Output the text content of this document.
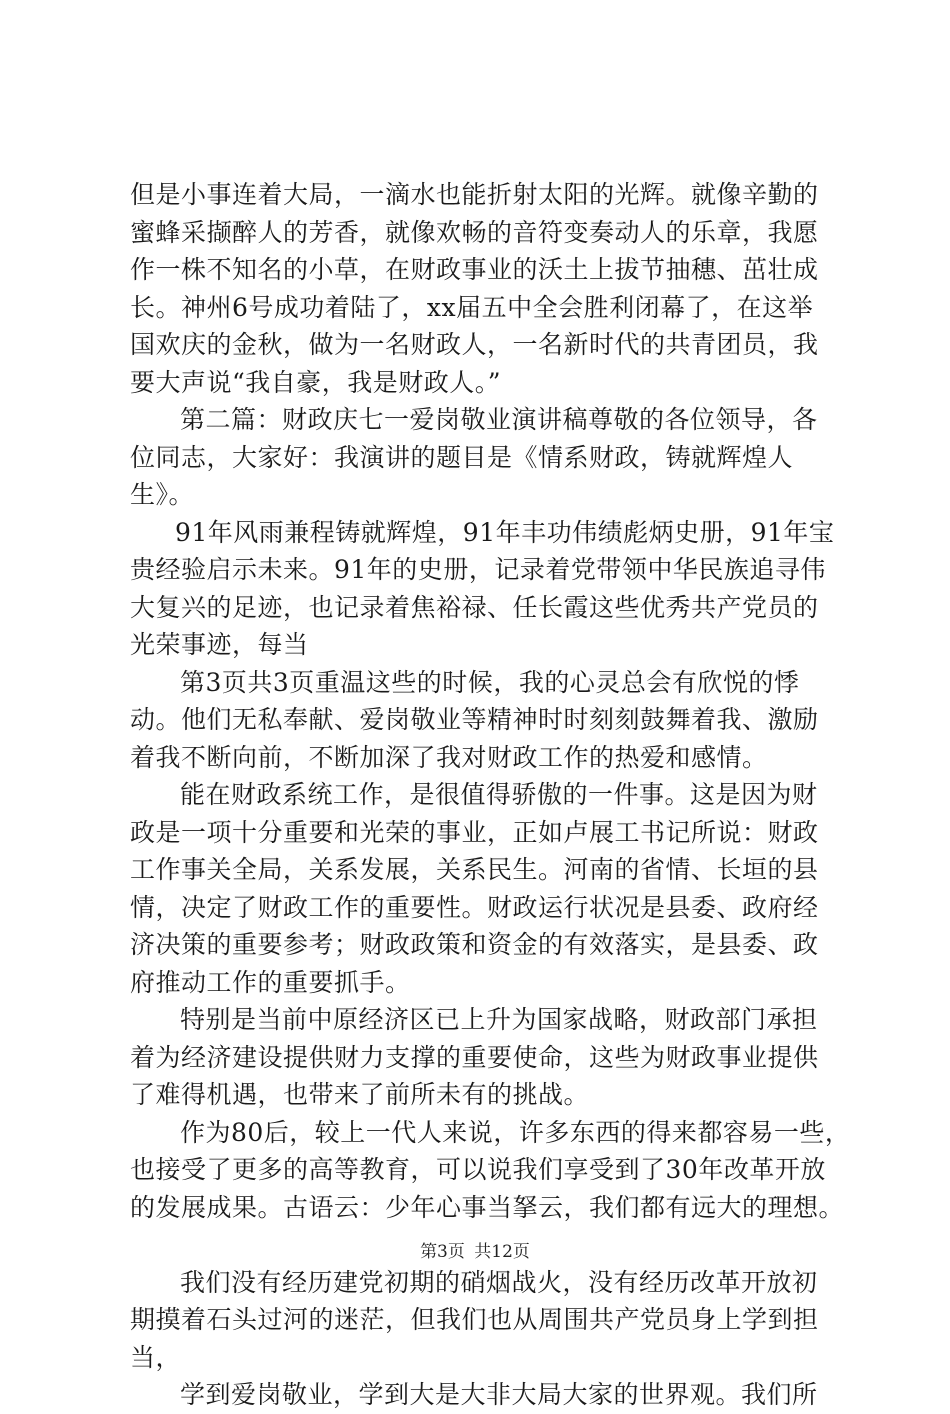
但是小事连着大局，一滴水也能折射太阳的光辉。就像辛勤的
蜜蜂采撷醉人的芳香，就像欢畅的音符变奏动人的乐章，我愿
作一株不知名的小草，在财政事业的沃土上拔节抽穗、茁壮成
长。神州6号成功着陆了，xx届五中全会胜利闭幕了，在这举
国欢庆的金秋，做为一名财政人，一名新时代的共青团员，我
要大声说“我自豪，我是财政人。”
第二篇：财政庆七一爱岗敬业演讲稿尊敬的各位领导，各
位同志，大家好：我演讲的题目是《情系财政，铸就辉煌人
生》。
91年风雨兼程铸就辉煌，91年丰功伟绩彪炳史册，91年宝
贵经验启示未来。91年的史册，记录着党带领中华民族追寻伟
大复兴的足迹，也记录着焦裕禄、任长霞这些优秀共产党员的
光荣事迹，每当
第3页共3页重温这些的时候，我的心灵总会有欣悦的悸
动。他们无私奉献、爱岗敬业等精神时时刻刻鼓舞着我、激励
着我不断向前，不断加深了我对财政工作的热爱和感情。
能在财政系统工作，是很值得骄傲的一件事。这是因为财
政是一项十分重要和光荣的事业，正如卢展工书记所说：财政
工作事关全局，关系发展，关系民生。河南的省情、长垣的县
情，决定了财政工作的重要性。财政运行状况是县委、政府经
济决策的重要参考；财政政策和资金的有效落实，是县委、政
府推动工作的重要抓手。
特别是当前中原经济区已上升为国家战略，财政部门承担
着为经济建设提供财力支撑的重要使命，这些为财政事业提供
了难得机遇，也带来了前所未有的挑战。
作为80后，较上一代人来说，许多东西的得来都容易一些，
也接受了更多的高等教育，可以说我们享受到了30年改革开放
的发展成果。古语云：少年心事当拏云，我们都有远大的理想。
我们没有经历建党初期的硝烟战火，没有经历改革开放初
期摸着石头过河的迷茫，但我们也从周围共产党员身上学到担
当，
学到爱岗敬业，学到大是大非大局大家的世界观。我们所
第3页 共12页
